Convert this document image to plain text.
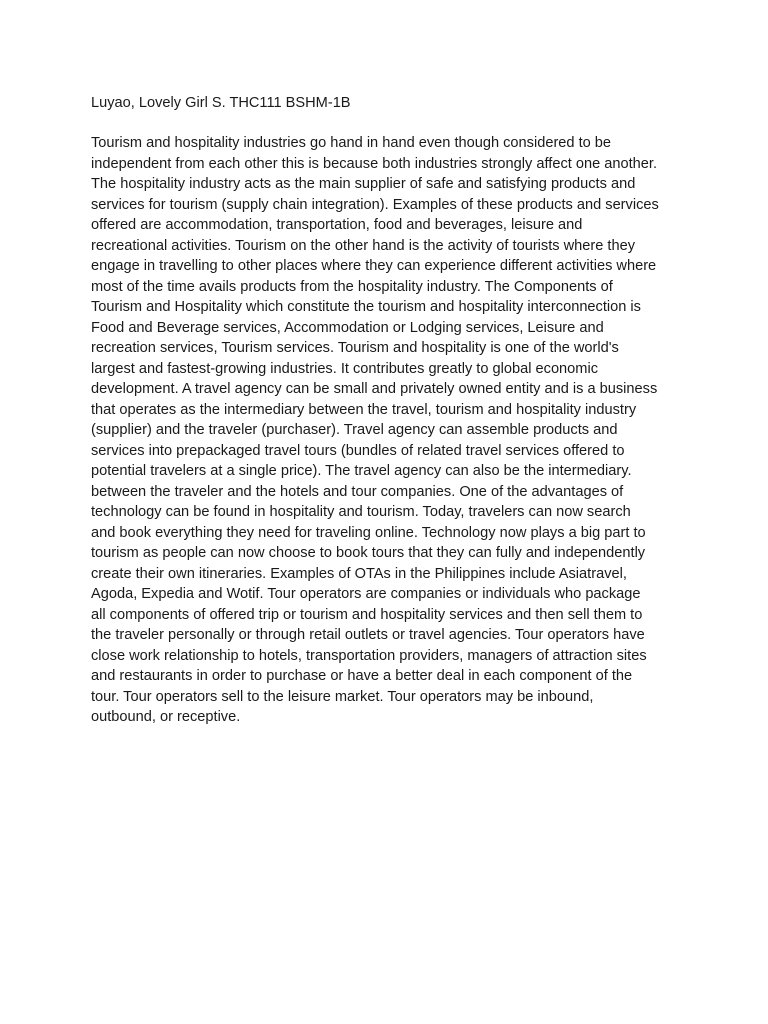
Luyao, Lovely Girl S. THC111 BSHM-1B
Tourism and hospitality industries go hand in hand even though considered to be
independent from each other this is because both industries strongly affect one another.
The hospitality industry acts as the main supplier of safe and satisfying products and
services for tourism (supply chain integration). Examples of these products and services
offered are accommodation, transportation, food and beverages, leisure and
recreational activities. Tourism on the other hand is the activity of tourists where they
engage in travelling to other places where they can experience different activities where
most of the time avails products from the hospitality industry. The Components of
Tourism and Hospitality which constitute the tourism and hospitality interconnection is
Food and Beverage services, Accommodation or Lodging services, Leisure and
recreation services, Tourism services. Tourism and hospitality is one of the world's
largest and fastest-growing industries. It contributes greatly to global economic
development. A travel agency can be small and privately owned entity and is a business
that operates as the intermediary between the travel, tourism and hospitality industry
(supplier) and the traveler (purchaser). Travel agency can assemble products and
services into prepackaged travel tours (bundles of related travel services offered to
potential travelers at a single price). The travel agency can also be the intermediary.
between the traveler and the hotels and tour companies. One of the advantages of
technology can be found in hospitality and tourism. Today, travelers can now search
and book everything they need for traveling online. Technology now plays a big part to
tourism as people can now choose to book tours that they can fully and independently
create their own itineraries. Examples of OTAs in the Philippines include Asiatravel,
Agoda, Expedia and Wotif. Tour operators are companies or individuals who package
all components of offered trip or tourism and hospitality services and then sell them to
the traveler personally or through retail outlets or travel agencies. Tour operators have
close work relationship to hotels, transportation providers, managers of attraction sites
and restaurants in order to purchase or have a better deal in each component of the
tour. Tour operators sell to the leisure market. Tour operators may be inbound,
outbound, or receptive.
